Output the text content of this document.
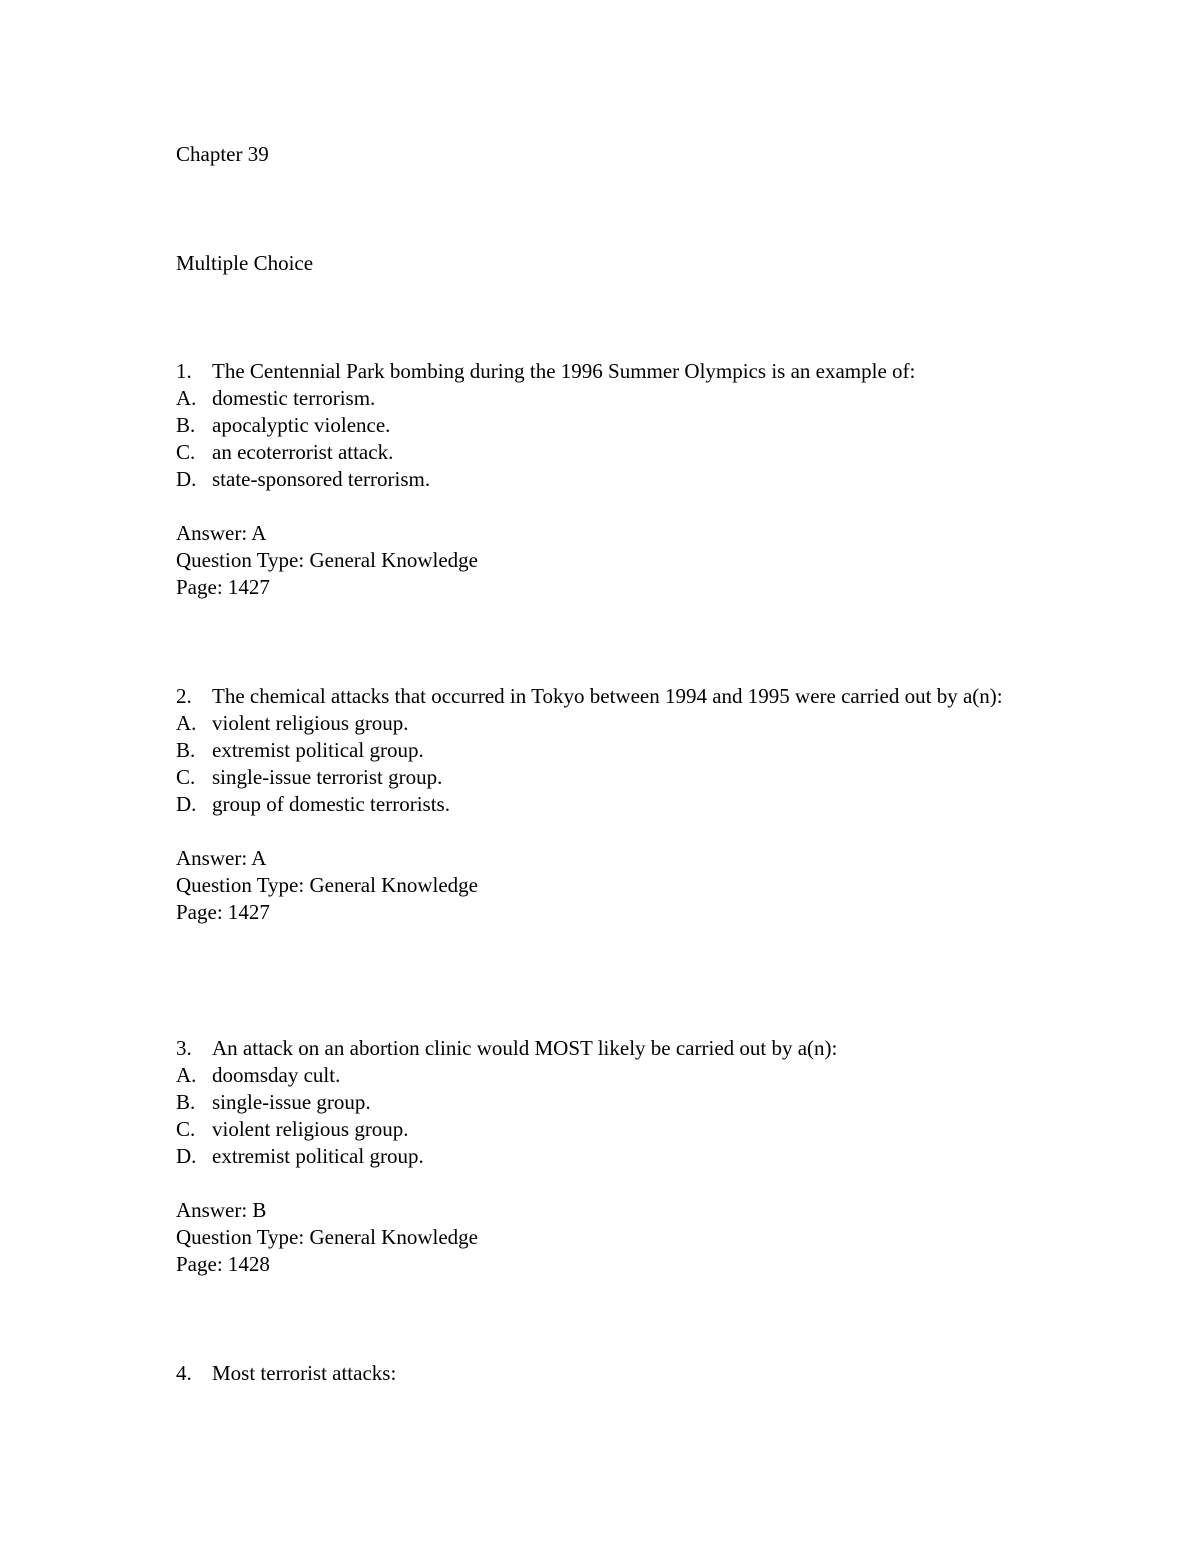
Chapter 39
Multiple Choice
1. The Centennial Park bombing during the 1996 Summer Olympics is an example of:
A. domestic terrorism.
B. apocalyptic violence.
C. an ecoterrorist attack.
D. state-sponsored terrorism.
Answer: A
Question Type: General Knowledge
Page: 1427
2. The chemical attacks that occurred in Tokyo between 1994 and 1995 were carried out by a(n):
A. violent religious group.
B. extremist political group.
C. single-issue terrorist group.
D. group of domestic terrorists.
Answer: A
Question Type: General Knowledge
Page: 1427
3. An attack on an abortion clinic would MOST likely be carried out by a(n):
A. doomsday cult.
B. single-issue group.
C. violent religious group.
D. extremist political group.
Answer: B
Question Type: General Knowledge
Page: 1428
4. Most terrorist attacks:
